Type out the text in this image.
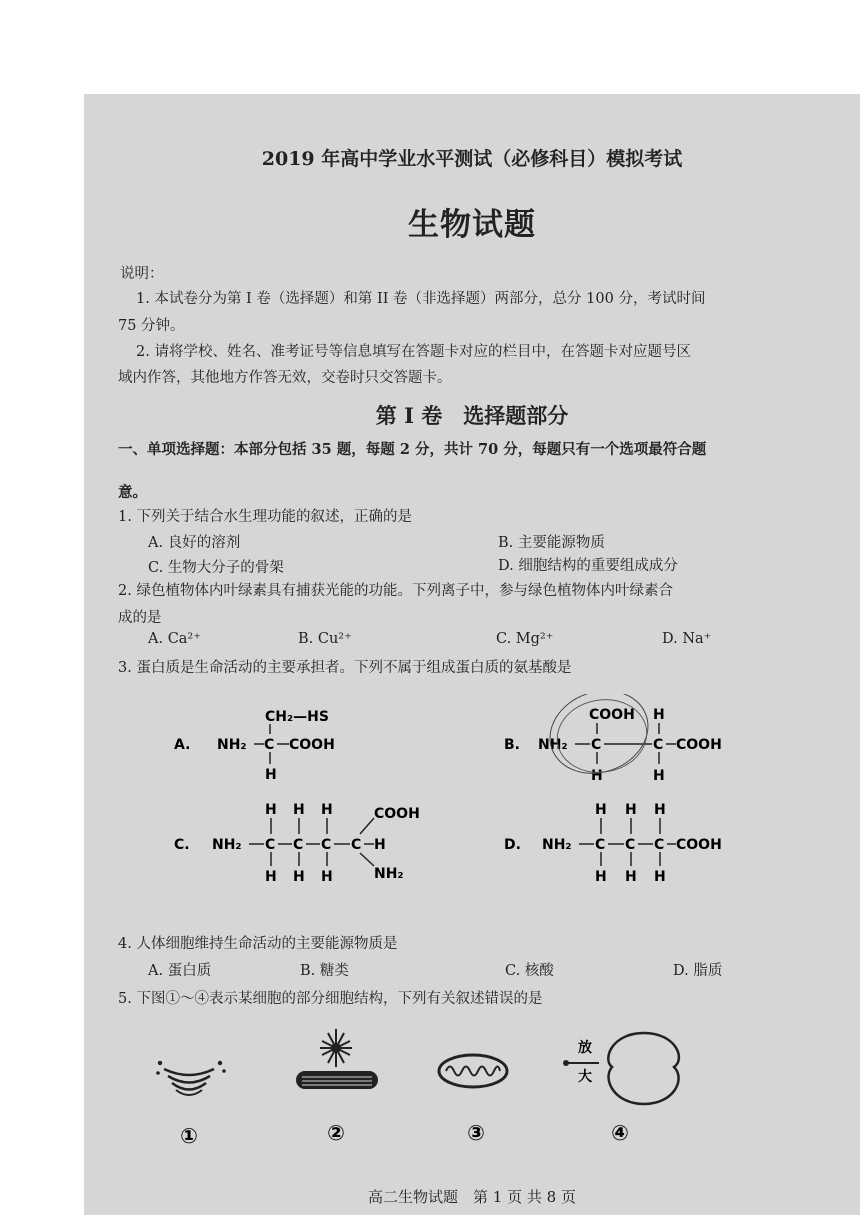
2019 年高中学业水平测试（必修科目）模拟考试
生物试题
说明：
1. 本试卷分为第 I 卷（选择题）和第 II 卷（非选择题）两部分，总分 100 分，考试时间
75 分钟。
2. 请将学校、姓名、准考证号等信息填写在答题卡对应的栏目中，在答题卡对应题号区
域内作答，其他地方作答无效，交卷时只交答题卡。
第 I 卷　选择题部分
一、单项选择题：本部分包括 35 题，每题 2 分，共计 70 分，每题只有一个选项最符合题
意。
1. 下列关于结合水生理功能的叙述，正确的是
A. 良好的溶剂	B. 主要能源物质
C. 生物大分子的骨架	D. 细胞结构的重要组成成分
2. 绿色植物体内叶绿素具有捕获光能的功能。下列离子中，参与绿色植物体内叶绿素合
成的是
A. Ca²⁺	B. Cu²⁺	C. Mg²⁺	D. Na⁺
3. 蛋白质是生命活动的主要承担者。下列不属于组成蛋白质的氨基酸是
A. NH₂ C COOH
CH₂—HS
H
B. NH₂ C	C COOH
COOH H
H	H
C. NH₂ C C C C H
H H H
H H H
COOH
NH₂
D. NH₂ C C C COOH
H H H
H H H
4. 人体细胞维持生命活动的主要能源物质是
A. 蛋白质	B. 糖类	C. 核酸	D. 脂质
5. 下图①～④表示某细胞的部分细胞结构，下列有关叙述错误的是
放
大
①	②	③	④
高二生物试题　第 1 页 共 8 页
